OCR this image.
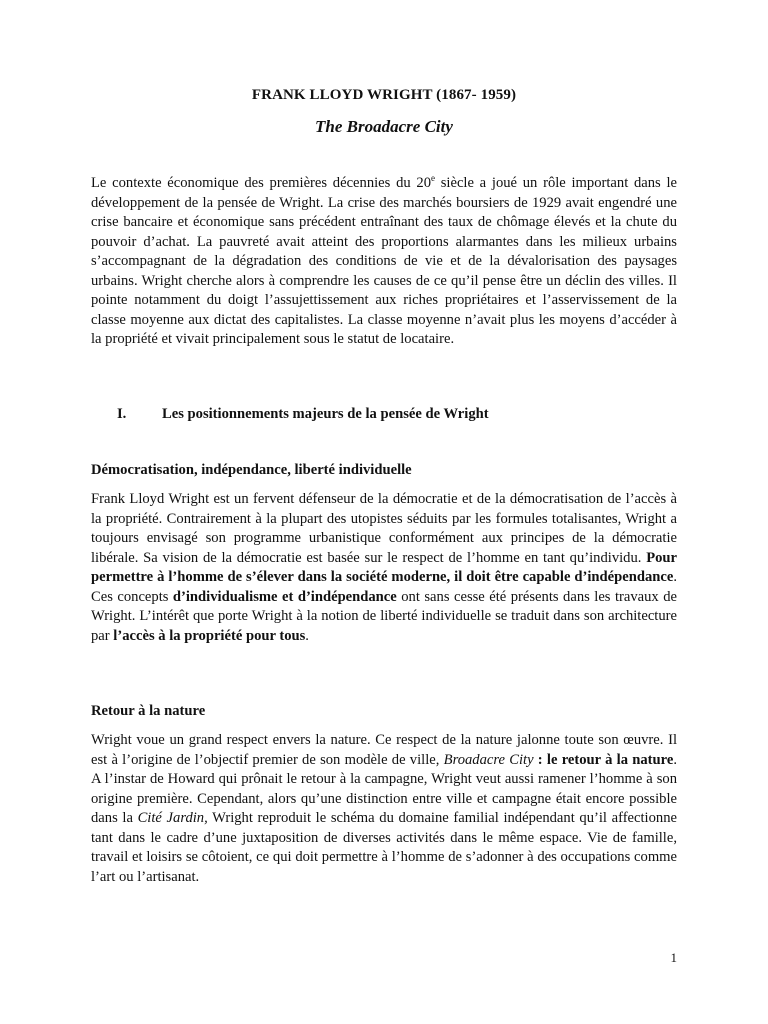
FRANK LLOYD WRIGHT (1867- 1959)
The Broadacre City

Le contexte économique des premières décennies du 20e siècle a joué un rôle important dans le développement de la pensée de Wright. La crise des marchés boursiers de 1929 avait engendré une crise bancaire et économique sans précédent entraînant des taux de chômage élevés et la chute du pouvoir d’achat. La pauvreté avait atteint des proportions alarmantes dans les milieux urbains s’accompagnant de la dégradation des conditions de vie et de la dévalorisation des paysages urbains. Wright cherche alors à comprendre les causes de ce qu’il pense être un déclin des villes. Il pointe notamment du doigt l’assujettissement aux riches propriétaires et l’asservissement de la classe moyenne aux dictat des capitalistes. La classe moyenne n’avait plus les moyens d’accéder à la propriété et vivait principalement sous le statut de locataire.

I. Les positionnements majeurs de la pensée de Wright

Démocratisation, indépendance, liberté individuelle

Frank Lloyd Wright est un fervent défenseur de la démocratie et de la démocratisation de l’accès à la propriété. Contrairement à la plupart des utopistes séduits par les formules totalisantes, Wright a toujours envisagé son programme urbanistique conformément aux principes de la démocratie libérale. Sa vision de la démocratie est basée sur le respect de l’homme en tant qu’individu. Pour permettre à l’homme de s’élever dans la société moderne, il doit être capable d’indépendance. Ces concepts d’individualisme et d’indépendance ont sans cesse été présents dans les travaux de Wright. L’intérêt que porte Wright à la notion de liberté individuelle se traduit dans son architecture par l’accès à la propriété pour tous.

Retour à la nature

Wright voue un grand respect envers la nature. Ce respect de la nature jalonne toute son œuvre. Il est à l’origine de l’objectif premier de son modèle de ville, Broadacre City : le retour à la nature. A l’instar de Howard qui prônait le retour à la campagne, Wright veut aussi ramener l’homme à son origine première. Cependant, alors qu’une distinction entre ville et campagne était encore possible dans la Cité Jardin, Wright reproduit le schéma du domaine familial indépendant qu’il affectionne tant dans le cadre d’une juxtaposition de diverses activités dans le même espace. Vie de famille, travail et loisirs se côtoient, ce qui doit permettre à l’homme de s’adonner à des occupations comme l’art ou l’artisanat.

1
